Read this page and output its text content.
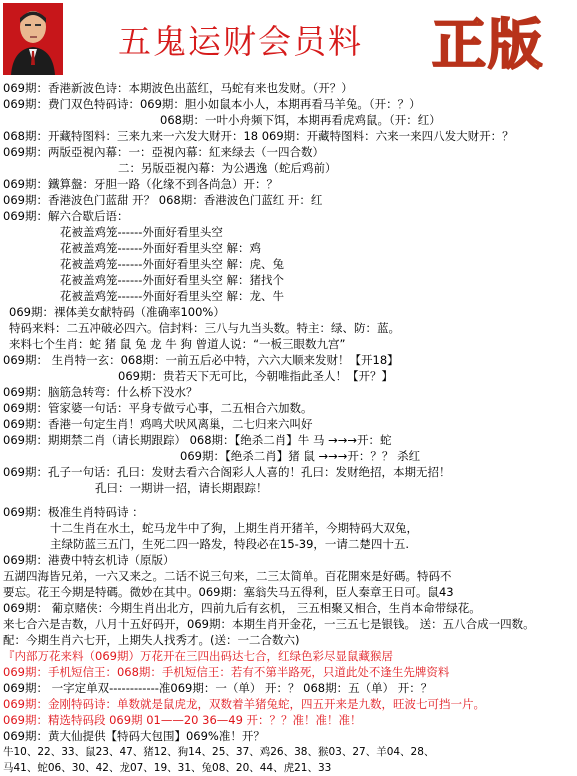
五鬼运财会员料 正版
069期：香港新波色诗：本期波色出蓝红，马蛇有来也发财。（开？）
069期：费门双色特码诗：069期：胆小如鼠本小人，本期再看马羊兔。（开：？）
068期：一叶小舟频下饵，本期再看虎鸡鼠。（开：红）
068期：开藏特图料：三来九来一六发大财开：18 069期：开藏特图料：六来一来四八发大财开：？
069期：两版亞視內幕：一：亞視內幕：紅来绿去（一四合数）
二：另版亞視內幕：为公遇逸（蛇后鸡前）
069期：鐵算盤：牙胆一路（化缘不到各尚急）开：？
069期：香港波色门蓝甜 开？ 068期：香港波色门蓝红 开：红
069期：解六合歇后语：
花被盖鸡笼------外面好看里头空
花被盖鸡笼------外面好看里头空 解：鸡
花被盖鸡笼------外面好看里头空 解：虎、兔
花被盖鸡笼------外面好看里头空 解：猪找个
花被盖鸡笼------外面好看里头空 解：龙、牛
069期：裸体美女献特码（准确率100%）
特码来料：二五冲破必四六。信封料：三八与九当头数。特主：绿、防：蓝。
来料七个生肖：蛇 猪 鼠 兔 龙 牛 狗 曾道人说：“一板三眼数九宫”
069期： 生肖特一玄：068期：一前五后必中特，六六大顺来发财！【开18】
069期：贵若天下无可比，今朝唯指此圣人！【开？】
069期：脑筋急转弯：什么桥下没水？
069期：管家婆一句话：平身专做亏心事，二五相合六加数。
069期：香港一句定生肖！鸡鸣犬吠风离巢，二七归来六叫好
069期：期期禁二肖（请长期跟踪） 068期：【绝杀二肖】牛 马 →→→开：蛇
069期：【绝杀二肖】猪 鼠 →→→开：？？ 杀红
069期：孔子一句话：孔曰：发财去看六合阁彩人人喜的！孔曰：发财绝招，本期无招！
孔曰：一期讲一招，请长期跟踪！
069期：极准生肖特码诗 ：
十二生肖在水土，蛇马龙牛中了狗，上期生肖开猪羊，今期特码大双兔，
主绿防蓝三五门，生死二四一路发，特段必在15-39，一请二楚四十五.
069期：港费中特玄机诗（原版）
五湖四海皆兄弟，一六又来之。二话不说三句来，二三太简单。百花開來是好碼。特码不
要忘。花王今期是特碼。微妙在其中。069期：塞翁失马五得利，臣人秦章王日可。鼠43
069期： 葡京赌侠：今期生肖出北方，四前九后有玄机， 三五相聚又相合，生肖本命带绿花。
来七合六是吉数，八月十五好码开，069期：本期生肖开金花，一三五七是银钱。 送：五八合成一四数。
配：今期生肖六七开，上期失人找秀才。(送：一二合数六)
『内部万花来料（069期）万花开在三四出码达七合，红绿色彩尽显鼠藏猴居
069期：手机短信王：068期：手机短信王：若有不第半路死，只道此处不逢生先牌资料
069期： 一字定单双------------准069期：一（单） 开：？ 068期：五（单） 开：？
069期：金刚特码诗：单数就是鼠虎龙，双数着羊猪兔蛇，四五开来是九数，旺波七可挡一片。
069期：精选特码段 069期 01——20 36—49 开：？？准！准！准！
069期：黄大仙提供【特码大包围】069%准！开？
牛10、22、33、鼠23、47、猪12、狗14、25、37、鸡26、38、猴03、27、羊04、28、
马41、蛇06、30、42、龙07、19、31、兔08、20、44、虎21、33
